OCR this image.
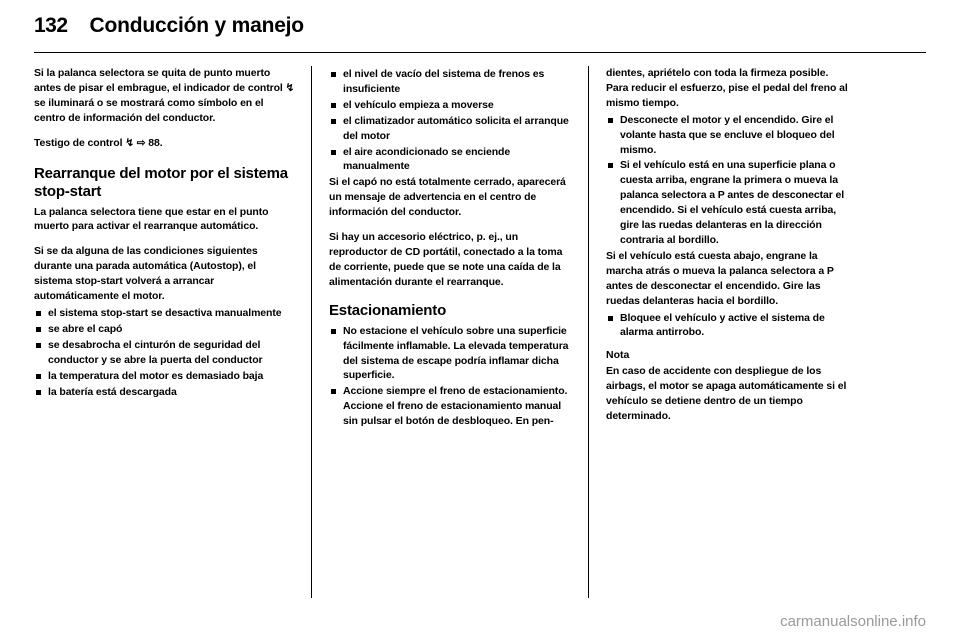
132 Conducción y manejo

Si la palanca selectora se quita de punto muerto antes de pisar el embrague, el indicador de control ↯ se iluminará o se mostrará como símbolo en el centro de información del conductor.

Testigo de control ↯ ⇨ 88.

Rearranque del motor por el sistema stop-start

La palanca selectora tiene que estar en el punto muerto para activar el rearranque automático.

Si se da alguna de las condiciones siguientes durante una parada automática (Autostop), el sistema stop-start volverá a arrancar automáticamente el motor.

el sistema stop-start se desactiva manualmente
se abre el capó
se desabrocha el cinturón de seguridad del conductor y se abre la puerta del conductor
la temperatura del motor es demasiado baja
la batería está descargada
el nivel de vacío del sistema de frenos es insuficiente
el vehículo empieza a moverse
el climatizador automático solicita el arranque del motor
el aire acondicionado se enciende manualmente

Si el capó no está totalmente cerrado, aparecerá un mensaje de advertencia en el centro de información del conductor.

Si hay un accesorio eléctrico, p. ej., un reproductor de CD portátil, conectado a la toma de corriente, puede que se note una caída de la alimentación durante el rearranque.

Estacionamiento
No estacione el vehículo sobre una superficie fácilmente inflamable. La elevada temperatura del sistema de escape podría inflamar dicha superficie.
Accione siempre el freno de estacionamiento. Accione el freno de estacionamiento manual sin pulsar el botón de desbloqueo. En pen-

dientes, apriételo con toda la firmeza posible. Para reducir el esfuerzo, pise el pedal del freno al mismo tiempo.

Desconecte el motor y el encendido. Gire el volante hasta que se encluve el bloqueo del mismo.
Si el vehículo está en una superficie plana o cuesta arriba, engrane la primera o mueva la palanca selectora a P antes de desconectar el encendido. Si el vehículo está cuesta arriba, gire las ruedas delanteras en la dirección contraria al bordillo.

Si el vehículo está cuesta abajo, engrane la marcha atrás o mueva la palanca selectora a P antes de desconectar el encendido. Gire las ruedas delanteras hacia el bordillo.

Bloquee el vehículo y active el sistema de alarma antirrobo.
Nota

En caso de accidente con despliegue de los airbags, el motor se apaga automáticamente si el vehículo se detiene dentro de un tiempo determinado.

carmanualsonline.info
